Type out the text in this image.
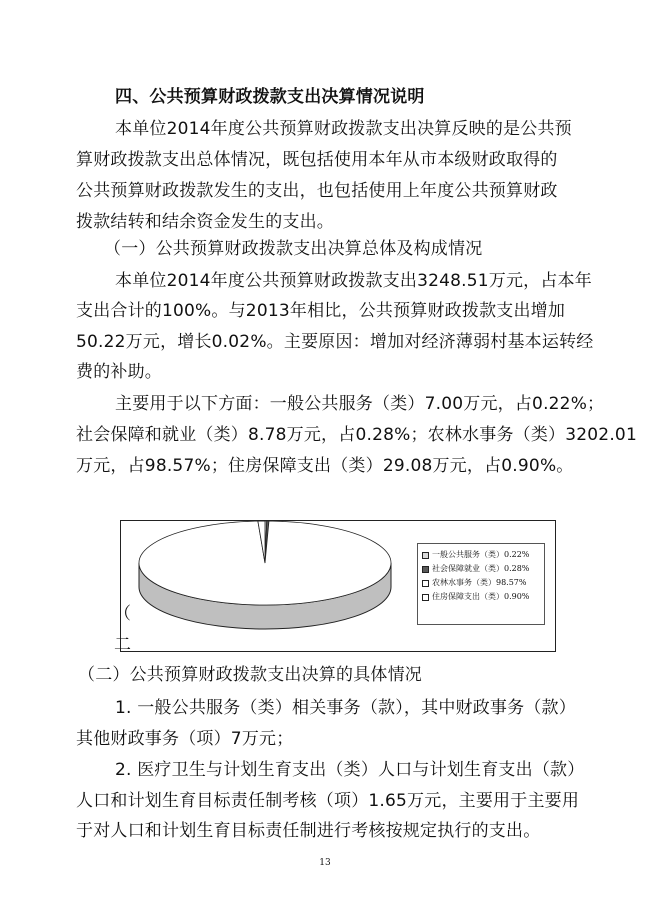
四、公共预算财政拨款支出决算情况说明
本单位2014年度公共预算财政拨款支出决算反映的是公共预
算财政拨款支出总体情况，既包括使用本年从市本级财政取得的
公共预算财政拨款发生的支出，也包括使用上年度公共预算财政
拨款结转和结余资金发生的支出。
（一）公共预算财政拨款支出决算总体及构成情况
本单位2014年度公共预算财政拨款支出3248.51万元，占本年
支出合计的100%。与2013年相比，公共预算财政拨款支出增加
50.22万元，增长0.02%。主要原因：增加对经济薄弱村基本运转经
费的补助。
主要用于以下方面：一般公共服务（类）7.00万元，占0.22%；
社会保障和就业（类）8.78万元，占0.28%；农林水事务（类）3202.01
万元，占98.57%；住房保障支出（类）29.08万元，占0.90%。
一般公共服务（类）0.22%
社会保障就业（类）0.28%
农林水事务（类）98.57%
住房保障支出（类）0.90%
（
二
（二）公共预算财政拨款支出决算的具体情况
1. 一般公共服务（类）相关事务（款），其中财政事务（款）
其他财政事务（项）7万元；
2. 医疗卫生与计划生育支出（类）人口与计划生育支出（款）
人口和计划生育目标责任制考核（项）1.65万元，主要用于主要用
于对人口和计划生育目标责任制进行考核按规定执行的支出。
13
